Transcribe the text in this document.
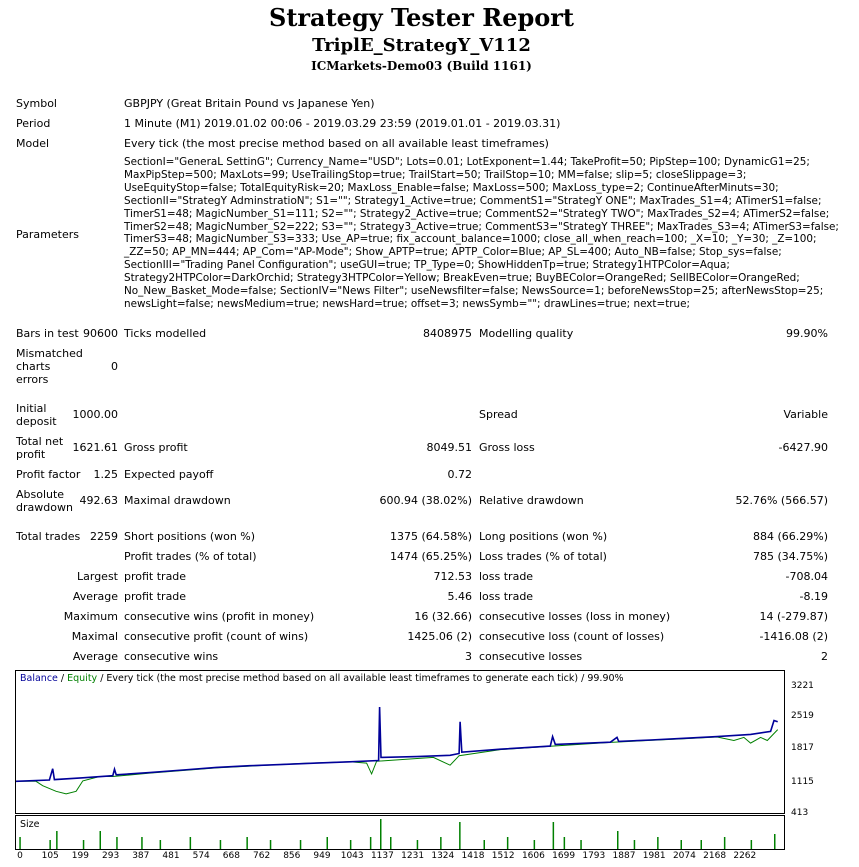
Strategy Tester Report
TriplE_StrategY_V112
ICMarkets-Demo03 (Build 1161)
Symbol	GBPJPY (Great Britain Pound vs Japanese Yen)
Period	1 Minute (M1) 2019.01.02 00:06 - 2019.03.29 23:59 (2019.01.01 - 2019.03.31)
Model	Every tick (the most precise method based on all available least timeframes)
Parameters
SectionI="GeneraL SettinG"; Currency_Name="USD"; Lots=0.01; LotExponent=1.44; TakeProfit=50; PipStep=100; DynamicG1=25; MaxPipStep=500; MaxLots=99; UseTrailingStop=true; TrailStart=50; TrailStop=10; MM=false; slip=5; closeSlippage=3; UseEquityStop=false; TotalEquityRisk=20; MaxLoss_Enable=false; MaxLoss=500; MaxLoss_type=2; ContinueAfterMinuts=30; SectionII="StrategY AdminstratioN"; S1=""; Strategy1_Active=true; CommentS1="StrategY ONE"; MaxTrades_S1=4; ATimerS1=false; TimerS1=48; MagicNumber_S1=111; S2=""; Strategy2_Active=true; CommentS2="StrategY TWO"; MaxTrades_S2=4; ATimerS2=false; TimerS2=48; MagicNumber_S2=222; S3=""; Strategy3_Active=true; CommentS3="StrategY THREE"; MaxTrades_S3=4; ATimerS3=false; TimerS3=48; MagicNumber_S3=333; Use_AP=true; fix_account_balance=1000; close_all_when_reach=100; _X=10; _Y=30; _Z=100; _ZZ=50; AP_MN=444; AP_Com="AP-Mode"; Show_APTP=true; APTP_Color=Blue; AP_SL=400; Auto_NB=false; Stop_sys=false; SectionIII="Trading Panel Configuration"; useGUI=true; TP_Type=0; ShowHiddenTp=true; Strategy1HTPColor=Aqua; Strategy2HTPColor=DarkOrchid; Strategy3HTPColor=Yellow; BreakEven=true; BuyBEColor=OrangeRed; SellBEColor=OrangeRed; No_New_Basket_Mode=false; SectionIV="News Filter"; useNewsfilter=false; NewsSource=1; beforeNewsStop=25; afterNewsStop=25; newsLight=false; newsMedium=true; newsHard=true; offset=3; newsSymb=""; drawLines=true; next=true;
Bars in test 90600 Ticks modelled	8408975 Modelling quality	99.90%
Mismatched
charts
errors
0
Initial
deposit
1000.00	Spread	Variable
Total net
profit
1621.61 Gross profit	8049.51 Gross loss	-6427.90
Profit factor	1.25 Expected payoff	0.72
Absolute
drawdown
492.63 Maximal drawdown	600.94 (38.02%) Relative drawdown	52.76% (566.57)
Total trades 2259 Short positions (won %)	1375 (64.58%) Long positions (won %)	884 (66.29%)
Profit trades (% of total)	1474 (65.25%) Loss trades (% of total)	785 (34.75%)
Largest profit trade	712.53 loss trade	-708.04
Average profit trade	5.46 loss trade	-8.19
Maximum consecutive wins (profit in money)	16 (32.66) consecutive losses (loss in money)	14 (-279.87)
Maximal consecutive profit (count of wins)	1425.06 (2) consecutive loss (count of losses)	-1416.08 (2)
Average consecutive wins	3 consecutive losses	2
Balance / Equity / Every tick (the most precise method based on all available least timeframes to generate each tick) / 99.90%
Size
3221
2519
1817
1115
413
0	105	199	293	387	481	574	668	762	856	949	1043 1137 1231 1324 1418 1512 1606 1699 1793 1887 1981 2074 2168 2262
